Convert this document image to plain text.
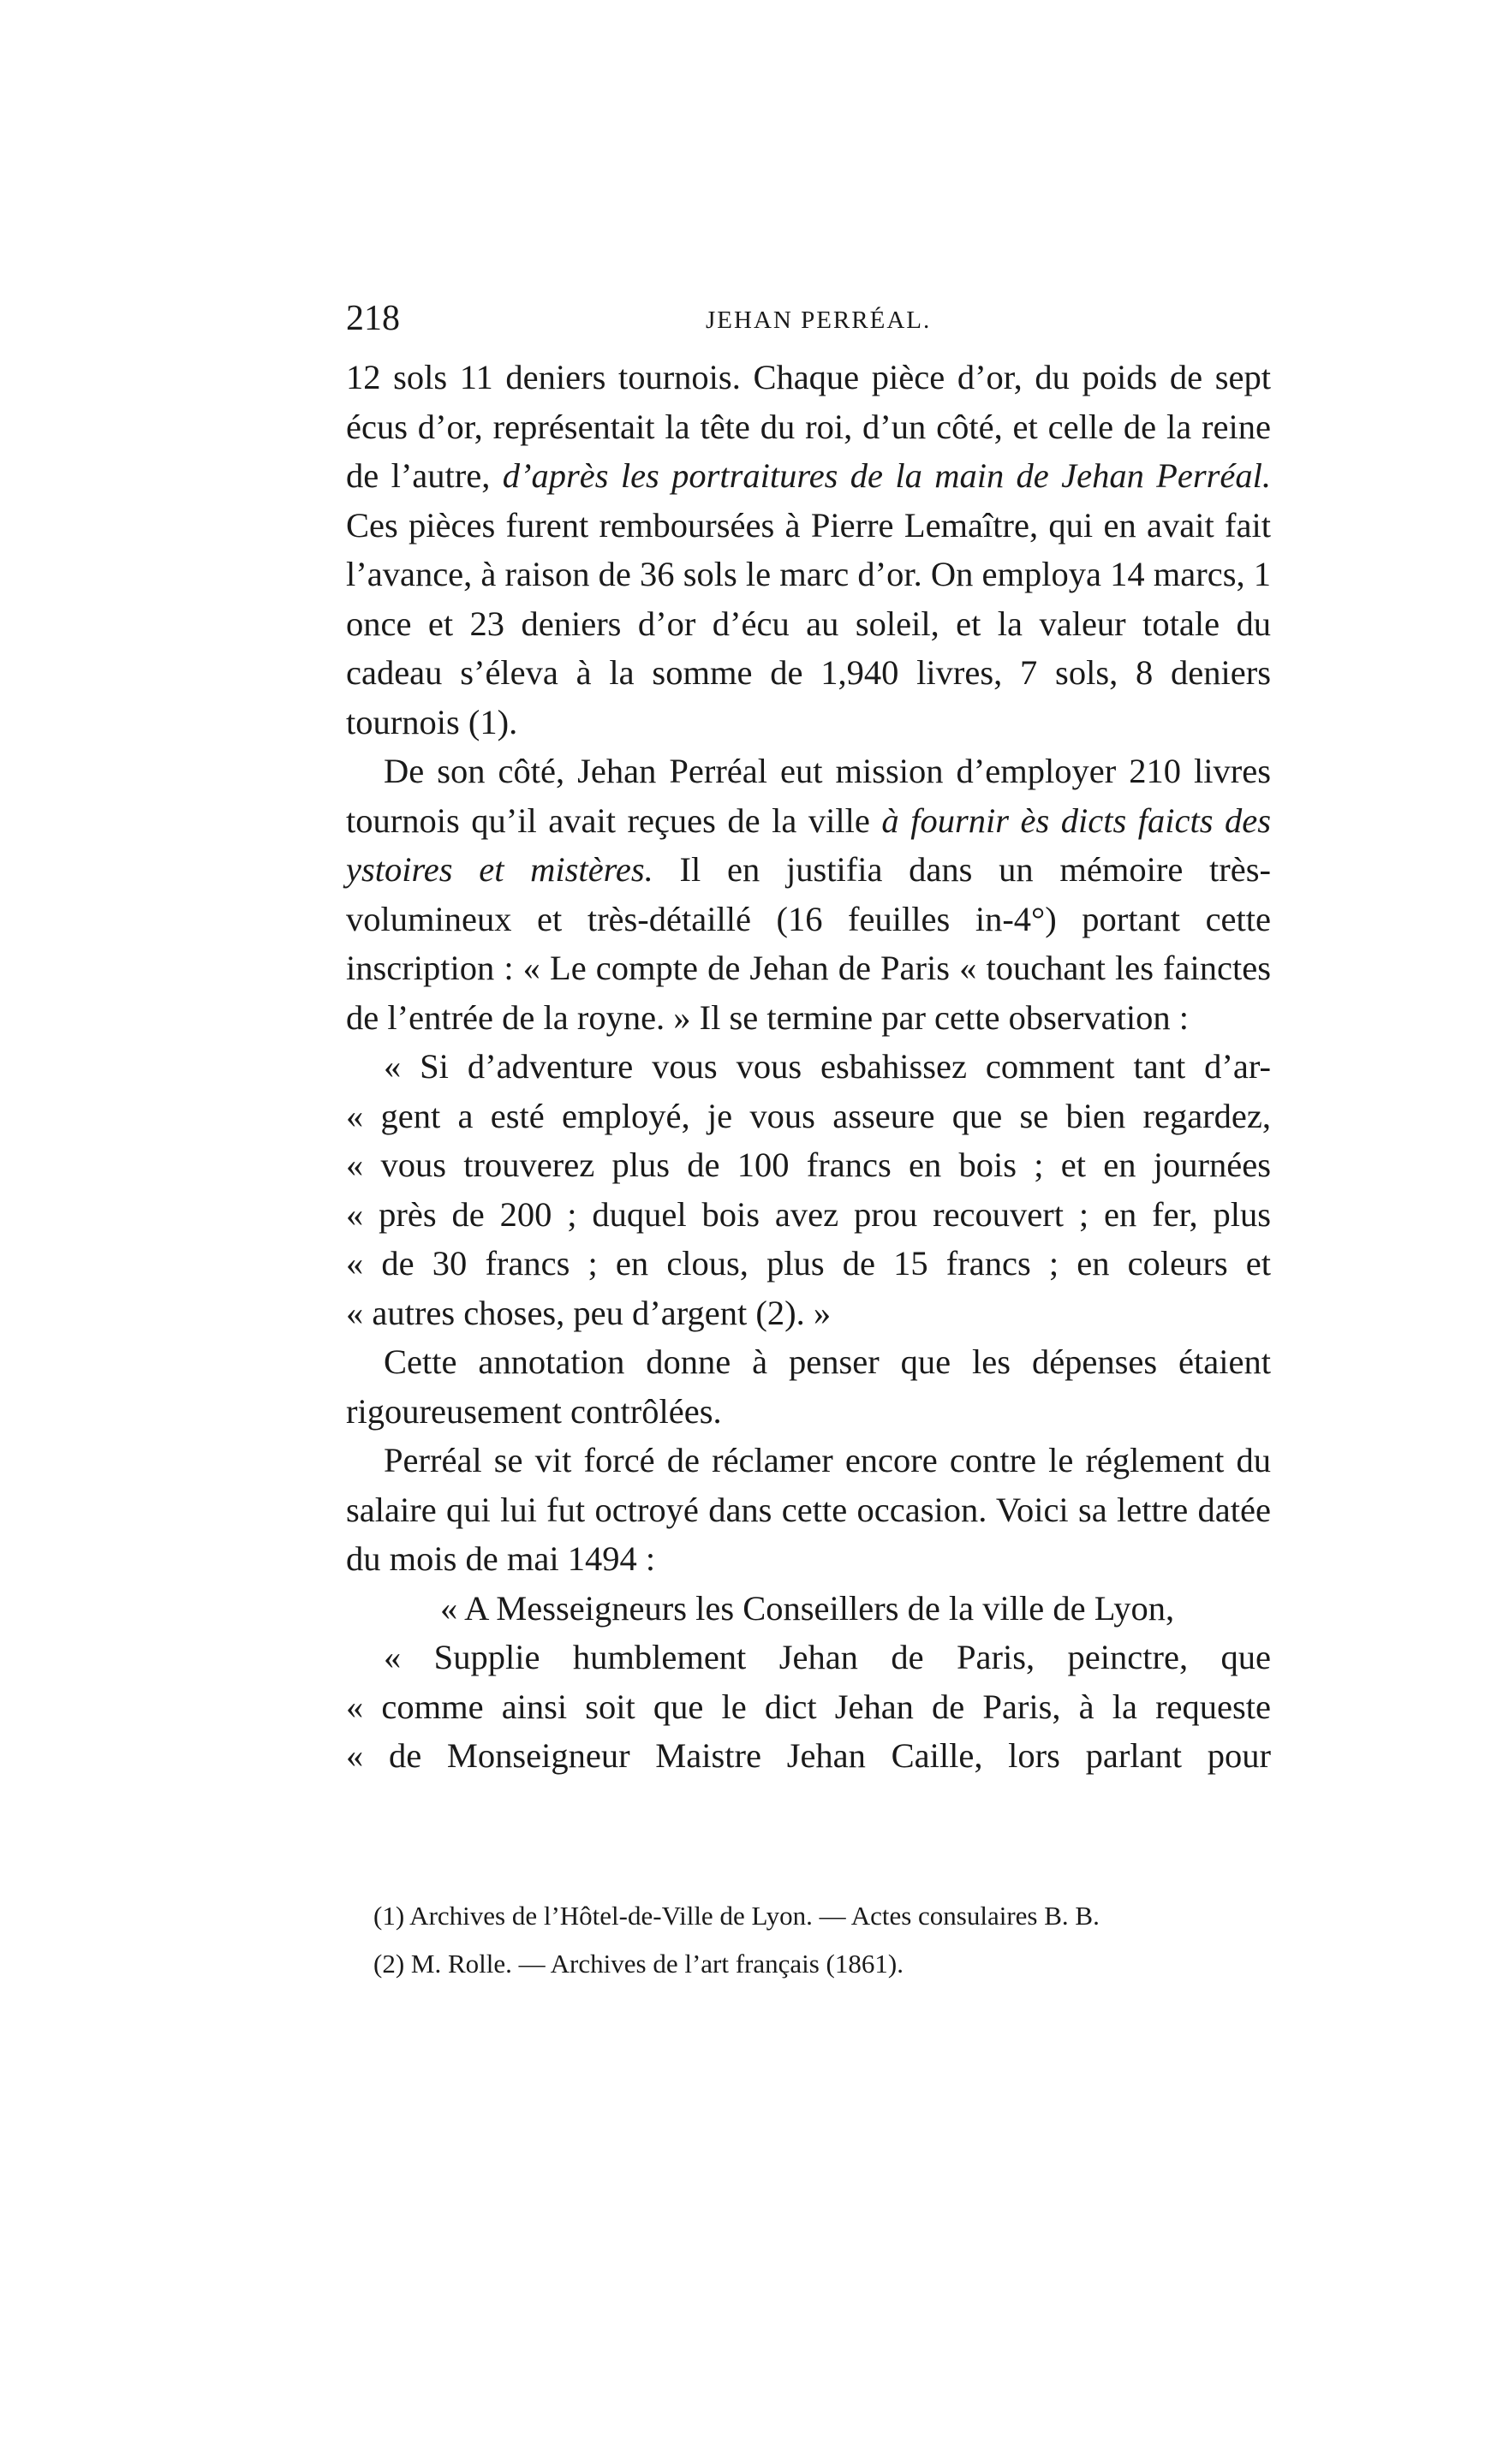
218	JEHAN PERRÉAL.

12 sols 11 deniers tournois. Chaque pièce d’or, du poids de sept écus d’or, représentait la tête du roi, d’un côté, et celle de la reine de l’autre, d’après les portraitures de la main de Jehan Perréal. Ces pièces furent remboursées à Pierre Lemaître, qui en avait fait l’avance, à raison de 36 sols le marc d’or. On employa 14 marcs, 1 once et 23 deniers d’or d’écu au soleil, et la valeur totale du cadeau s’éleva à la somme de 1,940 livres, 7 sols, 8 deniers tournois (1).

De son côté, Jehan Perréal eut mission d’employer 210 livres tournois qu’il avait reçues de la ville à fournir ès dicts faicts des ystoires et mistères. Il en justifia dans un mémoire très-volumineux et très-détaillé (16 feuilles in-4°) portant cette inscription : « Le compte de Jehan de Paris « touchant les fainctes de l’entrée de la royne. » Il se termine par cette observation :

« Si d’adventure vous vous esbahissez comment tant d’ar-
« gent a esté employé, je vous asseure que se bien regardez,
« vous trouverez plus de 100 francs en bois ; et en journées
« près de 200 ; duquel bois avez prou recouvert ; en fer, plus
« de 30 francs ; en clous, plus de 15 francs ; en coleurs et
« autres choses, peu d’argent (2). »

Cette annotation donne à penser que les dépenses étaient rigoureusement contrôlées.

Perréal se vit forcé de réclamer encore contre le réglement du salaire qui lui fut octroyé dans cette occasion. Voici sa lettre datée du mois de mai 1494 :

« A Messeigneurs les Conseillers de la ville de Lyon,

« Supplie humblement Jehan de Paris, peinctre, que
« comme ainsi soit que le dict Jehan de Paris, à la requeste
« de Monseigneur Maistre Jehan Caille, lors parlant pour

(1) Archives de l’Hôtel-de-Ville de Lyon. — Actes consulaires B. B.

(2) M. Rolle. — Archives de l’art français (1861).
